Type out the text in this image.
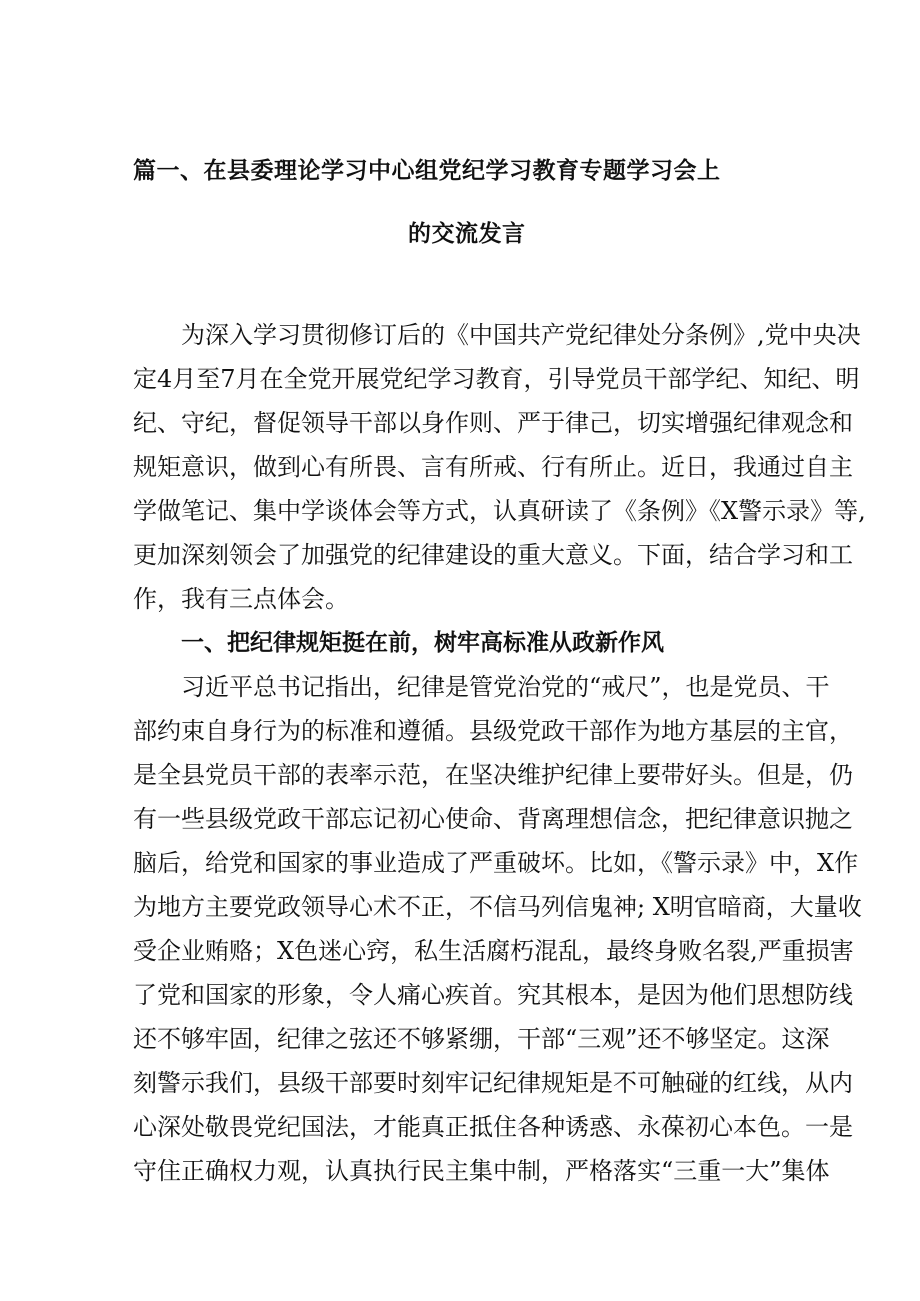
篇一、在县委理论学习中心组党纪学习教育专题学习会上
的交流发言

为深入学习贯彻修订后的《中国共产党纪律处分条例》,党中央决

定4月至7月在全党开展党纪学习教育，引导党员干部学纪、知纪、明

纪、守纪，督促领导干部以身作则、严于律己，切实增强纪律观念和

规矩意识，做到心有所畏、言有所戒、行有所止。近日，我通过自主

学做笔记、集中学谈体会等方式，认真研读了《条例》《X警示录》等,

更加深刻领会了加强党的纪律建设的重大意义。下面，结合学习和工

作，我有三点体会。

一、把纪律规矩挺在前，树牢高标准从政新作风

习近平总书记指出，纪律是管党治党的“戒尺”，也是党员、干

部约束自身行为的标准和遵循。县级党政干部作为地方基层的主官，

是全县党员干部的表率示范，在坚决维护纪律上要带好头。但是，仍

有一些县级党政干部忘记初心使命、背离理想信念，把纪律意识抛之

脑后，给党和国家的事业造成了严重破坏。比如，《警示录》中，X作

为地方主要党政领导心术不正，不信马列信鬼神; X明官暗商，大量收

受企业贿赂；X色迷心窍，私生活腐朽混乱，最终身败名裂,严重损害

了党和国家的形象，令人痛心疾首。究其根本，是因为他们思想防线

还不够牢固，纪律之弦还不够紧绷，干部“三观”还不够坚定。这深

刻警示我们，县级干部要时刻牢记纪律规矩是不可触碰的红线，从内

心深处敬畏党纪国法，才能真正抵住各种诱惑、永葆初心本色。一是

守住正确权力观，认真执行民主集中制，严格落实“三重一大”集体
